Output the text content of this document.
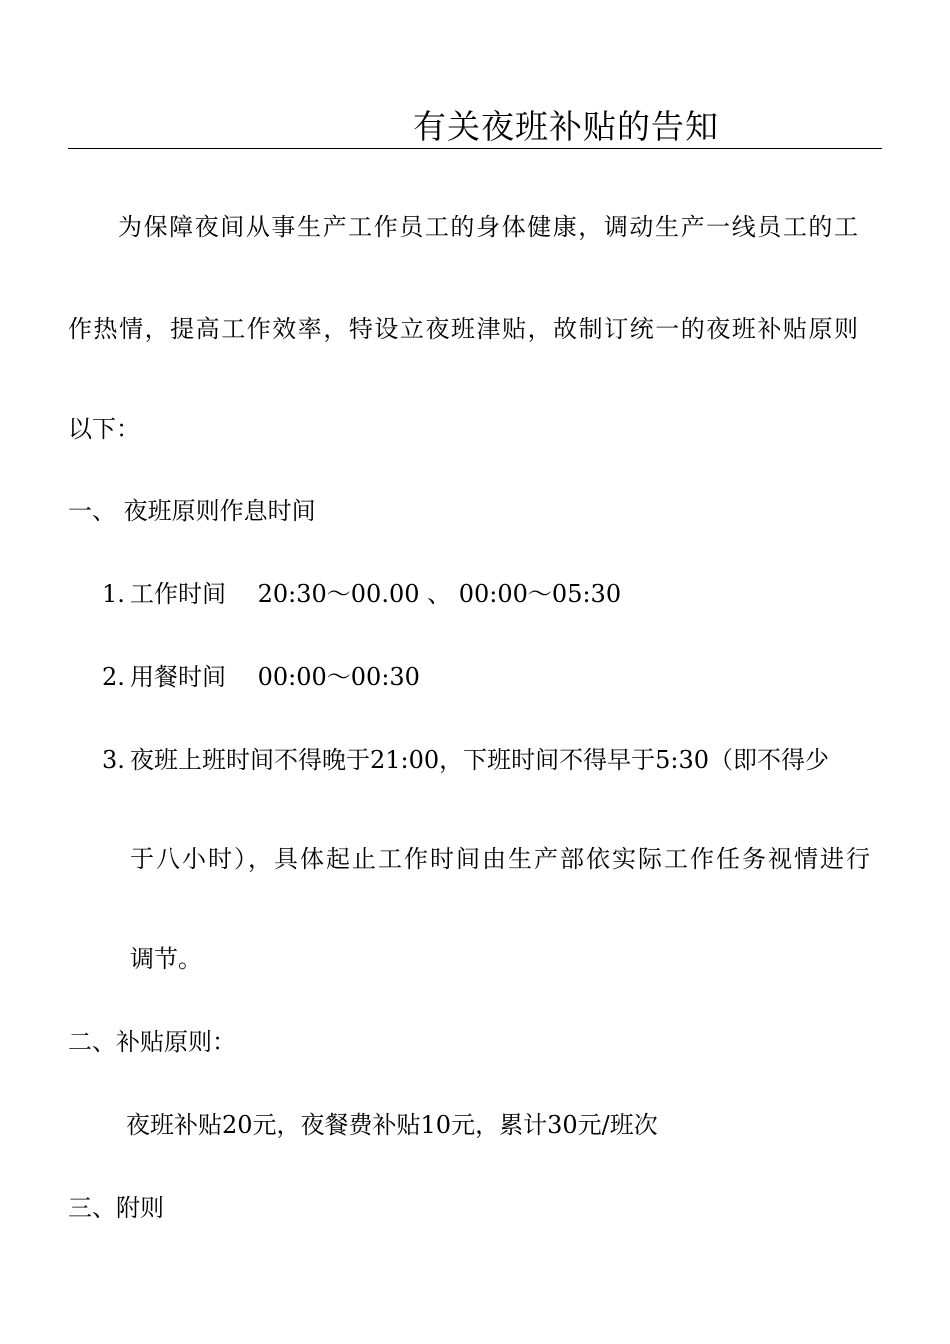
有关夜班补贴的告知
为保障夜间从事生产工作员工的身体健康，调动生产一线员工的工
作热情，提高工作效率，特设立夜班津贴，故制订统一的夜班补贴原则
以下：
一、 夜班原则作息时间
1. 工作时间　 20:30～00.00 、 00:00～05:30
2. 用餐时间　 00:00～00:30
3. 夜班上班时间不得晚于21:00，下班时间不得早于5:30（即不得少
于八小时），具体起止工作时间由生产部依实际工作任务视情进行
调节。
二、补贴原则：
夜班补贴20元，夜餐费补贴10元，累计30元/班次
三、附则
